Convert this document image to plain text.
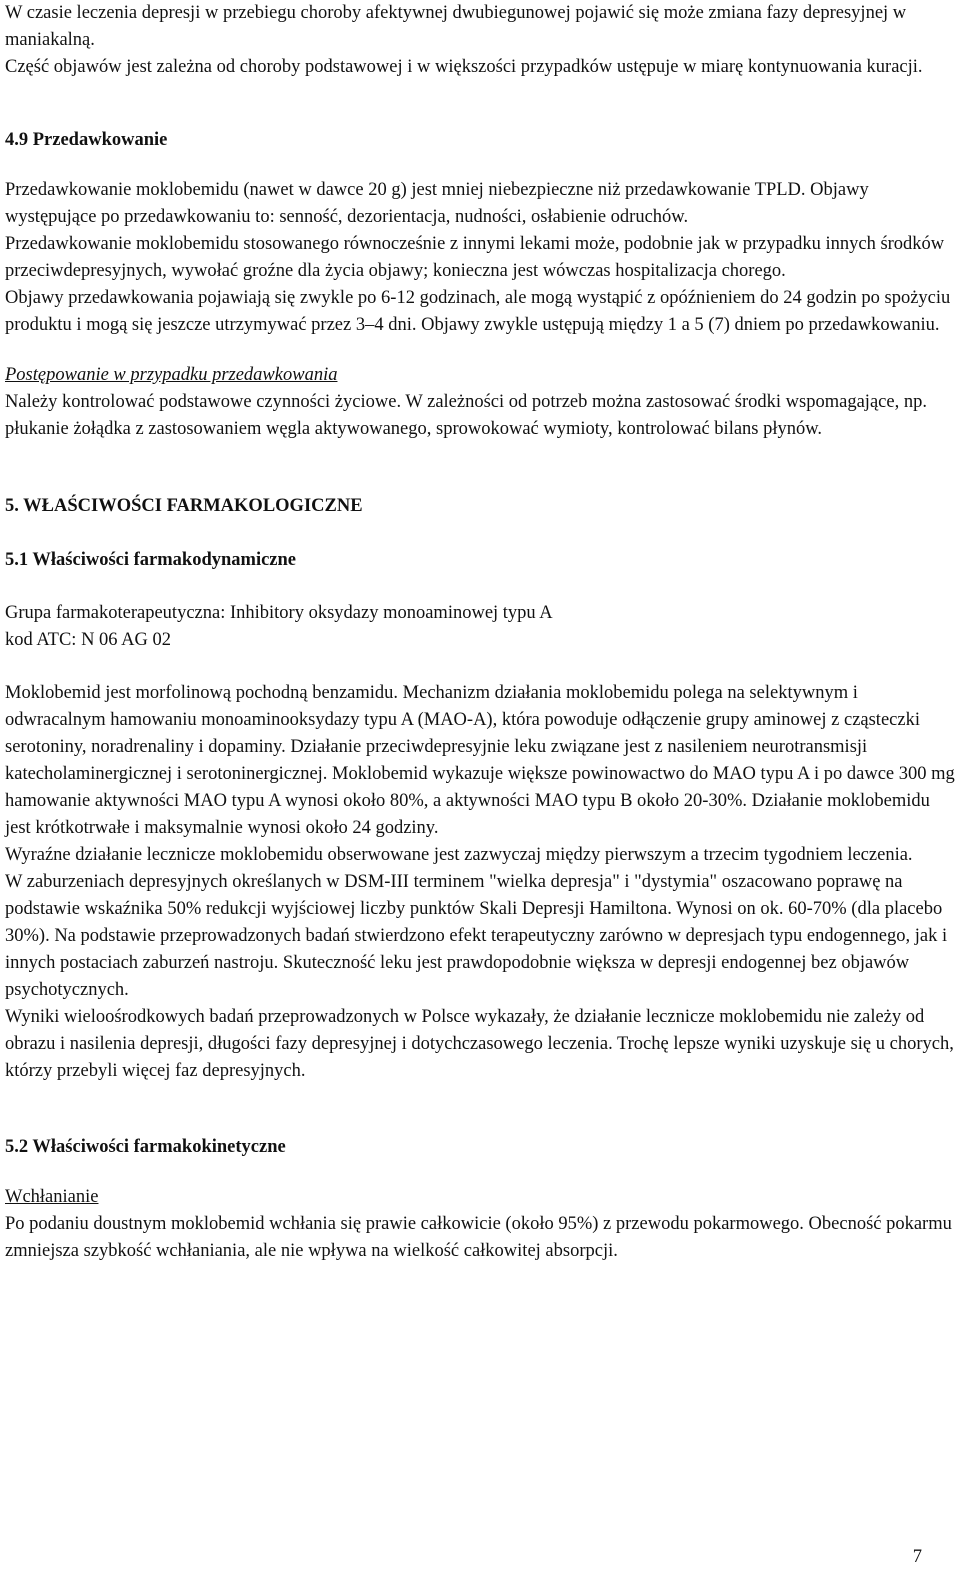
W czasie leczenia depresji w przebiegu choroby afektywnej dwubiegunowej pojawić się może zmiana fazy depresyjnej w maniakalną.

Część objawów jest zależna od choroby podstawowej i w większości przypadków ustępuje w miarę kontynuowania kuracji.

4.9 Przedawkowanie

Przedawkowanie moklobemidu (nawet w dawce 20 g) jest mniej niebezpieczne niż przedawkowanie TPLD. Objawy występujące po przedawkowaniu to: senność, dezorientacja, nudności, osłabienie odruchów.

Przedawkowanie moklobemidu stosowanego równocześnie z innymi lekami może, podobnie jak w przypadku innych środków przeciwdepresyjnych, wywołać groźne dla życia objawy; konieczna jest wówczas hospitalizacja chorego.

Objawy przedawkowania pojawiają się zwykle po 6-12 godzinach, ale mogą wystąpić z opóźnieniem do 24 godzin po spożyciu produktu i mogą się jeszcze utrzymywać przez 3–4 dni. Objawy zwykle ustępują między 1 a 5 (7) dniem po przedawkowaniu.

Postępowanie w przypadku przedawkowania

Należy kontrolować podstawowe czynności życiowe. W zależności od potrzeb można zastosować środki wspomagające, np. płukanie żołądka z zastosowaniem węgla aktywowanego, sprowokować wymioty, kontrolować bilans płynów.

5. WŁAŚCIWOŚCI FARMAKOLOGICZNE
5.1 Właściwości farmakodynamiczne

Grupa farmakoterapeutyczna: Inhibitory oksydazy monoaminowej typu A

kod ATC: N 06 AG 02

Moklobemid jest morfolinową pochodną benzamidu. Mechanizm działania moklobemidu polega na selektywnym i odwracalnym hamowaniu monoaminooksydazy typu A (MAO-A), która powoduje odłączenie grupy aminowej z cząsteczki serotoniny, noradrenaliny i dopaminy. Działanie przeciwdepresyjnie leku związane jest z nasileniem neurotransmisji katecholaminergicznej i serotoninergicznej. Moklobemid wykazuje większe powinowactwo do MAO typu A i po dawce 300 mg hamowanie aktywności MAO typu A wynosi około 80%, a aktywności MAO typu B około 20-30%. Działanie moklobemidu jest krótkotrwałe i maksymalnie wynosi około 24 godziny.

Wyraźne działanie lecznicze moklobemidu obserwowane jest zazwyczaj między pierwszym a trzecim tygodniem leczenia.

W zaburzeniach depresyjnych określanych w DSM-III terminem "wielka depresja" i "dystymia" oszacowano poprawę na podstawie wskaźnika 50% redukcji wyjściowej liczby punktów Skali Depresji Hamiltona. Wynosi on ok. 60-70% (dla placebo 30%). Na podstawie przeprowadzonych badań stwierdzono efekt terapeutyczny zarówno w depresjach typu endogennego, jak i innych postaciach zaburzeń nastroju. Skuteczność leku jest prawdopodobnie większa w depresji endogennej bez objawów psychotycznych.

Wyniki wieloośrodkowych badań przeprowadzonych w Polsce wykazały, że działanie lecznicze moklobemidu nie zależy od obrazu i nasilenia depresji, długości fazy depresyjnej i dotychczasowego leczenia. Trochę lepsze wyniki uzyskuje się u chorych, którzy przebyli więcej faz depresyjnych.

5.2 Właściwości farmakokinetyczne
Wchłanianie

Po podaniu doustnym moklobemid wchłania się prawie całkowicie (około 95%) z przewodu pokarmowego. Obecność pokarmu zmniejsza szybkość wchłaniania, ale nie wpływa na wielkość całkowitej absorpcji.

7
